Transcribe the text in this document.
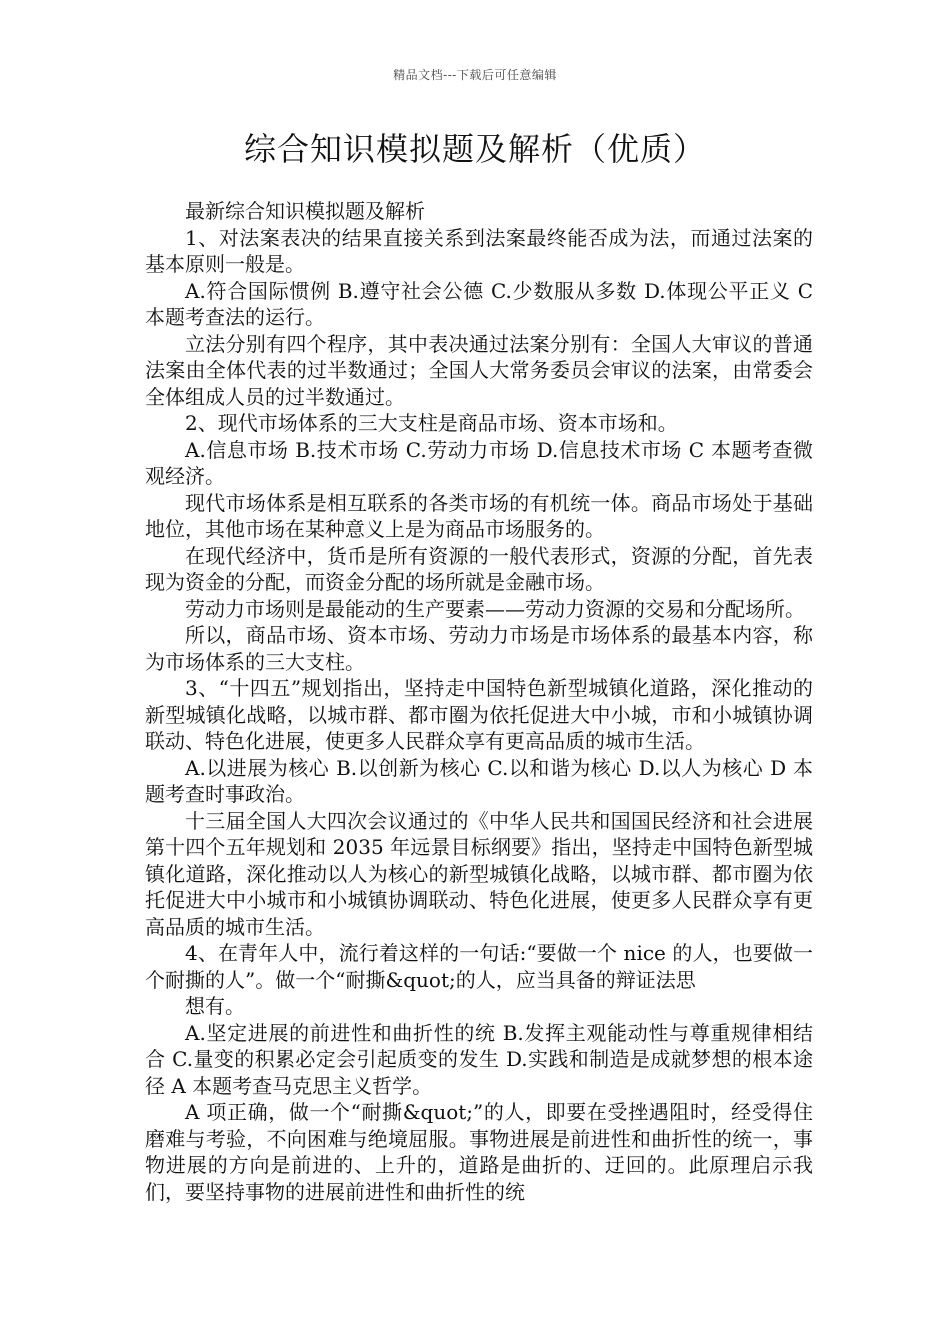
精品文档---下载后可任意编辑
综合知识模拟题及解析（优质）

最新综合知识模拟题及解析

1、对法案表决的结果直接关系到法案最终能否成为法，而通过法案的基本原则一般是。

A.符合国际惯例 B.遵守社会公德 C.少数服从多数 D.体现公平正义 C 本题考查法的运行。

立法分别有四个程序，其中表决通过法案分别有：全国人大审议的普通法案由全体代表的过半数通过；全国人大常务委员会审议的法案，由常委会全体组成人员的过半数通过。

2、现代市场体系的三大支柱是商品市场、资本市场和。

A.信息市场 B.技术市场 C.劳动力市场 D.信息技术市场 C 本题考查微观经济。

现代市场体系是相互联系的各类市场的有机统一体。商品市场处于基础地位，其他市场在某种意义上是为商品市场服务的。

在现代经济中，货币是所有资源的一般代表形式，资源的分配，首先表现为资金的分配，而资金分配的场所就是金融市场。

劳动力市场则是最能动的生产要素——劳动力资源的交易和分配场所。

所以，商品市场、资本市场、劳动力市场是市场体系的最基本内容，称为市场体系的三大支柱。

3、“十四五”规划指出，坚持走中国特色新型城镇化道路，深化推动的新型城镇化战略，以城市群、都市圈为依托促进大中小城，市和小城镇协调联动、特色化进展，使更多人民群众享有更高品质的城市生活。

A.以进展为核心 B.以创新为核心 C.以和谐为核心 D.以人为核心 D 本题考查时事政治。

十三届全国人大四次会议通过的《中华人民共和国国民经济和社会进展第十四个五年规划和 2035 年远景目标纲要》指出，坚持走中国特色新型城镇化道路，深化推动以人为核心的新型城镇化战略，以城市群、都市圈为依托促进大中小城市和小城镇协调联动、特色化进展，使更多人民群众享有更高品质的城市生活。

4、在青年人中，流行着这样的一句话:“要做一个 nice 的人，也要做一个耐撕的人”。做一个“耐撕&quot;的人，应当具备的辩证法思

想有。

A.坚定进展的前进性和曲折性的统 B.发挥主观能动性与尊重规律相结合 C.量变的积累必定会引起质变的发生 D.实践和制造是成就梦想的根本途径 A 本题考查马克思主义哲学。

A 项正确，做一个“耐撕&quot;”的人，即要在受挫遇阻时，经受得住磨难与考验，不向困难与绝境屈服。事物进展是前进性和曲折性的统一，事物进展的方向是前进的、上升的，道路是曲折的、迂回的。此原理启示我们，要坚持事物的进展前进性和曲折性的统
